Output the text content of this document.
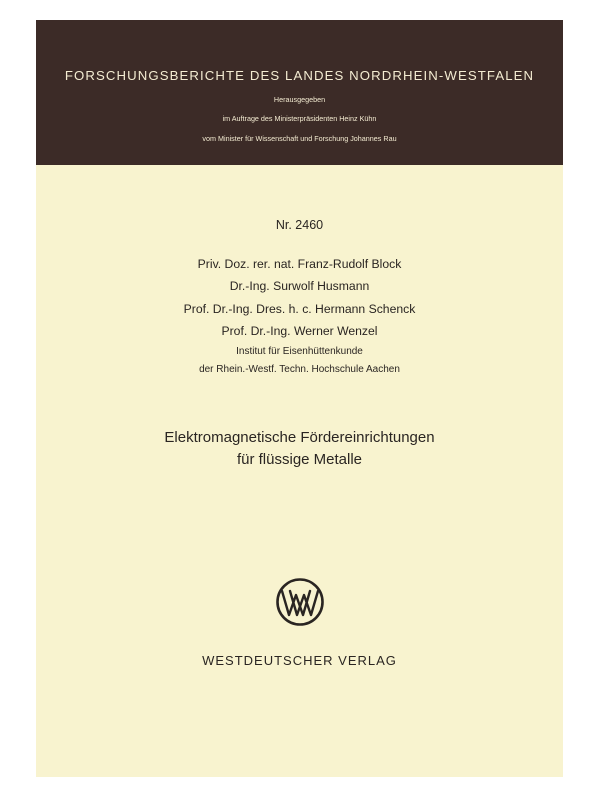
FORSCHUNGSBERICHTE DES LANDES NORDRHEIN-WESTFALEN
Herausgegeben
im Auftrage des Ministerpräsidenten Heinz Kühn
vom Minister für Wissenschaft und Forschung Johannes Rau
Nr. 2460
Priv. Doz. rer. nat. Franz-Rudolf Block
Dr.-Ing. Surwolf Husmann
Prof. Dr.-Ing. Dres. h. c. Hermann Schenck
Prof. Dr.-Ing. Werner Wenzel
Institut für Eisenhüttenkunde
der Rhein.-Westf. Techn. Hochschule Aachen
Elektromagnetische Fördereinrichtungen
für flüssige Metalle
WESTDEUTSCHER VERLAG
